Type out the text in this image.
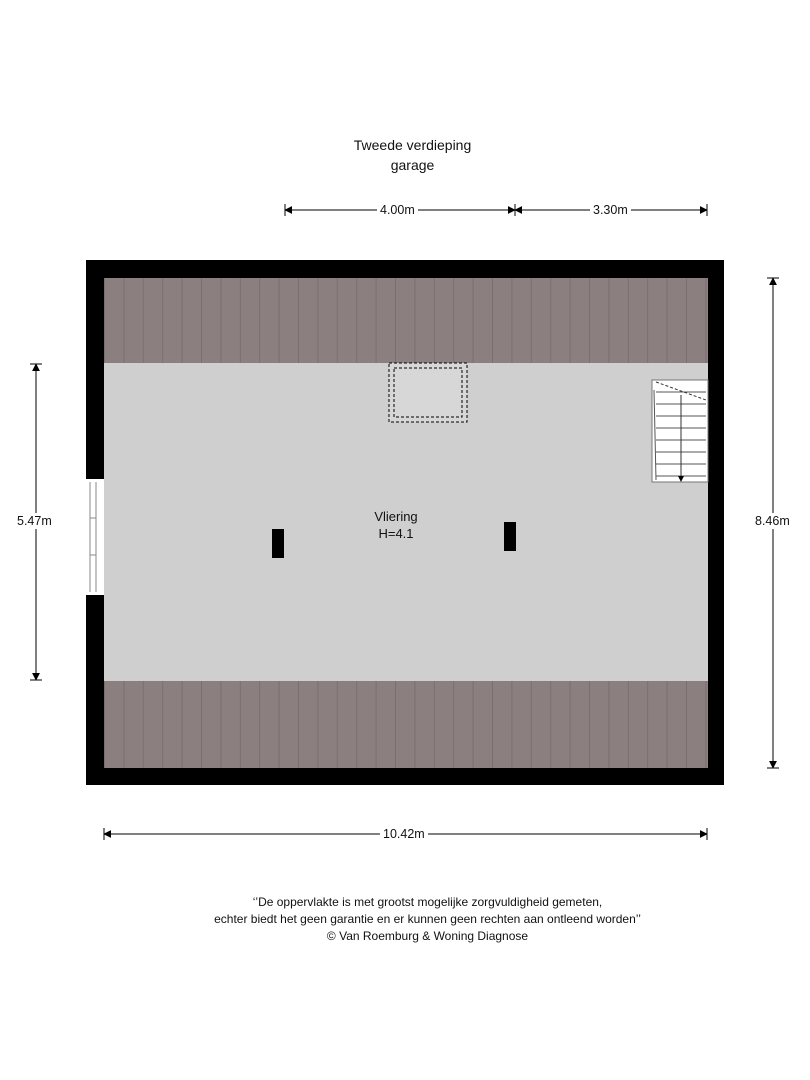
Tweede verdieping
garage
4.00m	3.30m
5.47m	8.46m
10.42m
Vliering
H=4.1
‘’De oppervlakte is met grootst mogelijke zorgvuldigheid gemeten,
echter biedt het geen garantie en er kunnen geen rechten aan ontleend worden’’
© Van Roemburg & Woning Diagnose
